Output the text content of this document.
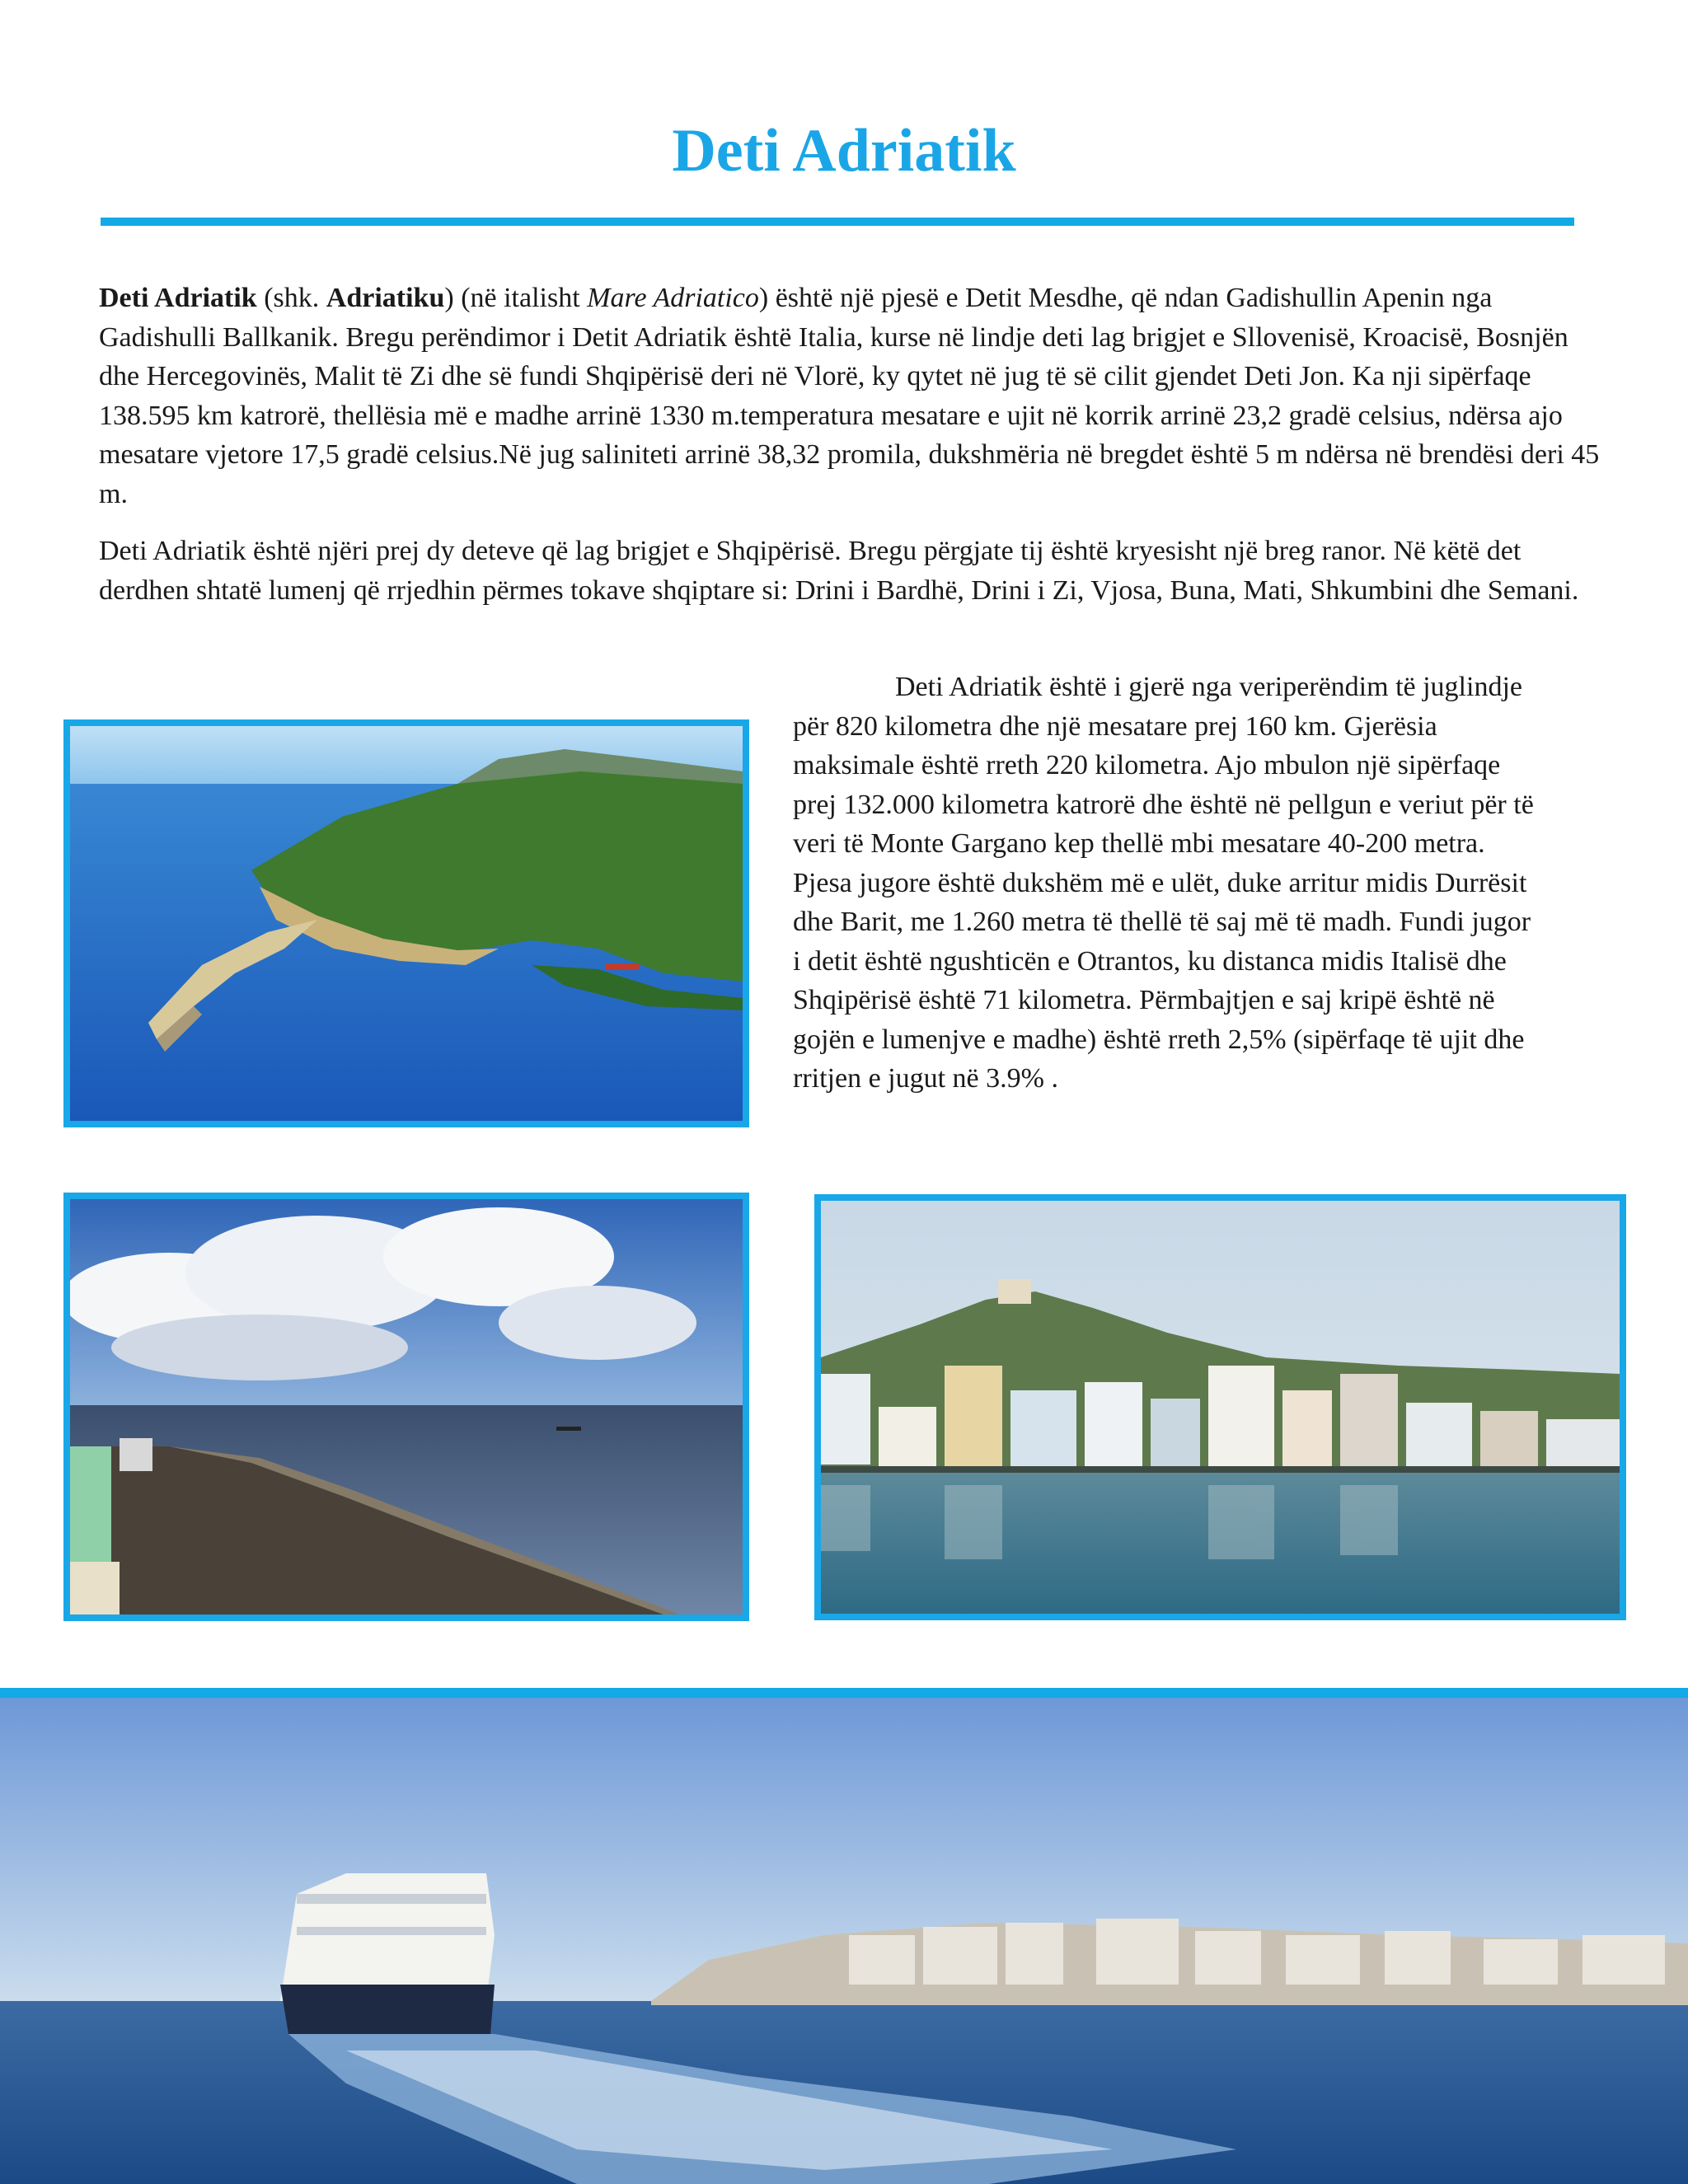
Deti Adriatik

Deti Adriatik (shk. Adriatiku) (në italisht Mare Adriatico) është një pjesë e Detit Mesdhe, që ndan Gadishullin Apenin nga Gadishulli Ballkanik. Bregu perëndimor i Detit Adriatik është Italia, kurse në lindje deti lag brigjet e Sllovenisë, Kroacisë, Bosnjën dhe Hercegovinës, Malit të Zi dhe së fundi Shqipërisë deri në Vlorë, ky qytet në jug të së cilit gjendet Deti Jon. Ka nji sipërfaqe 138.595 km katrorë, thellësia më e madhe arrinë 1330 m.temperatura mesatare e ujit në korrik arrinë 23,2 gradë celsius, ndërsa ajo mesatare vjetore 17,5 gradë celsius.Në jug saliniteti arrinë 38,32 promila, dukshmëria në bregdet është 5 m ndërsa në brendësi deri 45 m.

Deti Adriatik është njëri prej dy deteve që lag brigjet e Shqipërisë. Bregu përgjate tij është kryesisht një breg ranor. Në këtë det derdhen shtatë lumenj që rrjedhin përmes tokave shqiptare si: Drini i Bardhë, Drini i Zi, Vjosa, Buna, Mati, Shkumbini dhe Semani.

Deti Adriatik është i gjerë nga veriperëndim të juglindje për 820 kilometra dhe një mesatare prej 160 km. Gjerësia maksimale është rreth 220 kilometra. Ajo mbulon një sipërfaqe prej 132.000 kilometra katrorë dhe është në pellgun e veriut për të veri të Monte Gargano kep thellë mbi mesatare 40-200 metra. Pjesa jugore është dukshëm më e ulët, duke arritur midis Durrësit dhe Barit, me 1.260 metra të thellë të saj më të madh. Fundi jugor i detit është ngushticën e Otrantos, ku distanca midis Italisë dhe Shqipërisë është 71 kilometra. Përmbajtjen e saj kripë është në gojën e lumenjve e madhe) është rreth 2,5% (sipërfaqe të ujit dhe rritjen e jugut në 3.9% .
